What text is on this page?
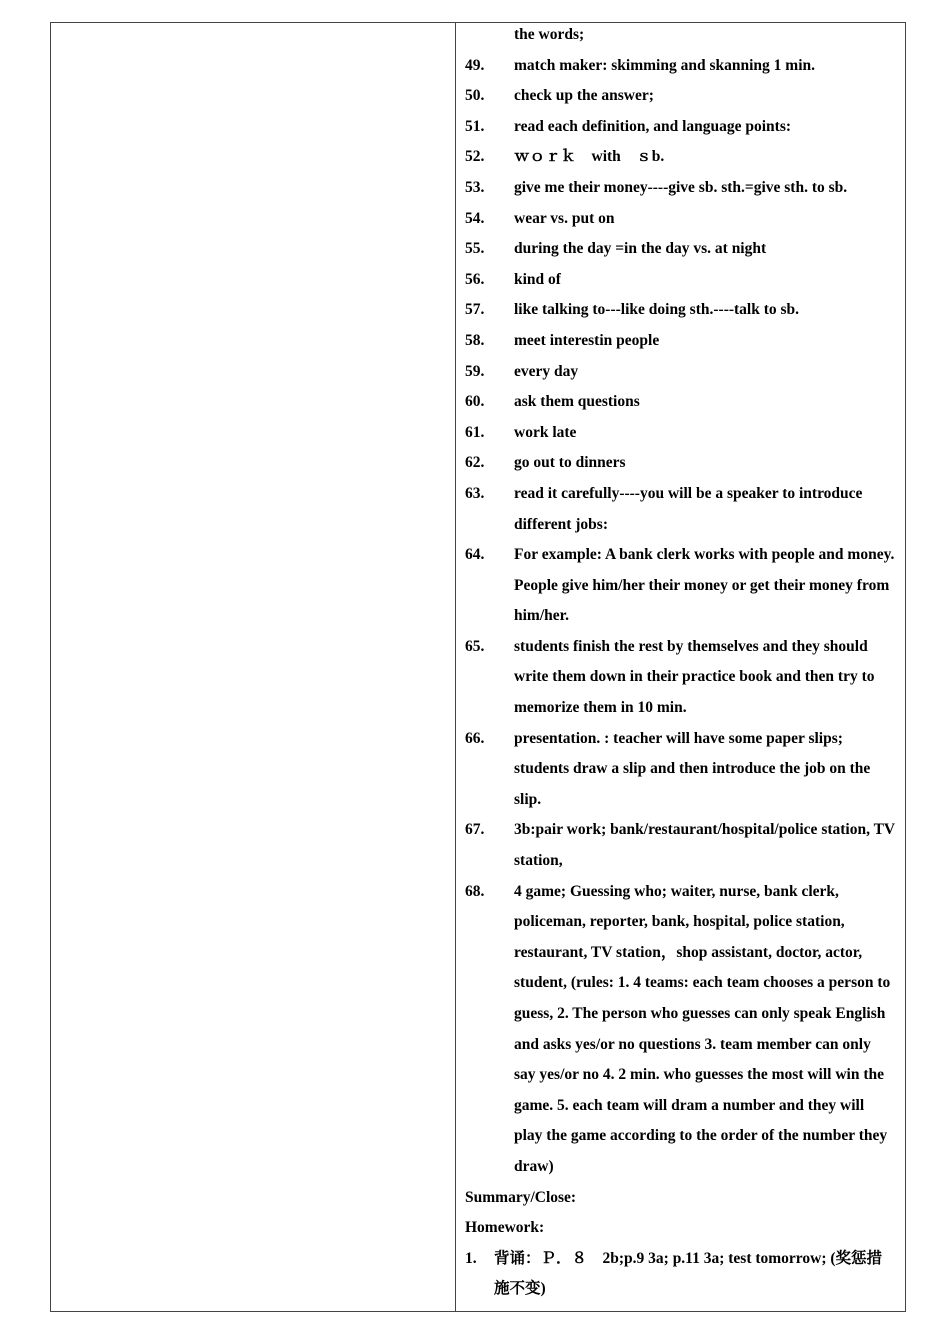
the words;
49.	match maker: skimming and skanning 1 min.
50.	check up the answer;
51.	read each definition, and language points:
52.	ｗｏｒｋ　with　ｓb.
53.	give me their money----give sb. sth.=give sth. to sb.
54.	wear vs. put on
55.	during the day =in the day vs. at night
56.	kind of
57.	like talking to---like doing sth.----talk to sb.
58.	meet interestin people
59.	every day
60.	ask them questions
61.	work late
62.	go out to dinners
63.	read it carefully----you will be a speaker to introduce different jobs:
64.	For example: A bank clerk works with people and money. People give him/her their money or get their money from him/her.
65.	students finish the rest by themselves and they should write them down in their practice book and then try to memorize them in 10 min.
66.	presentation. : teacher will have some paper slips; students draw a slip and then introduce the job on the slip.
67.	3b:pair work; bank/restaurant/hospital/police station, TV station,
68.	4 game; Guessing who; waiter, nurse, bank clerk, policeman, reporter, bank, hospital, police station, restaurant, TV station，shop assistant, doctor, actor, student, (rules: 1. 4 teams: each team chooses a person to guess, 2. The person who guesses can only speak English and asks yes/or no questions 3. team member can only say yes/or no 4. 2 min. who guesses the most will win the game. 5. each team will dram a number and they will play the game according to the order of the number they draw)
Summary/Close:
Homework:
1.	背诵：Ｐ．８　2b;p.9 3a; p.11 3a; test tomorrow; (奖惩措施不变)
